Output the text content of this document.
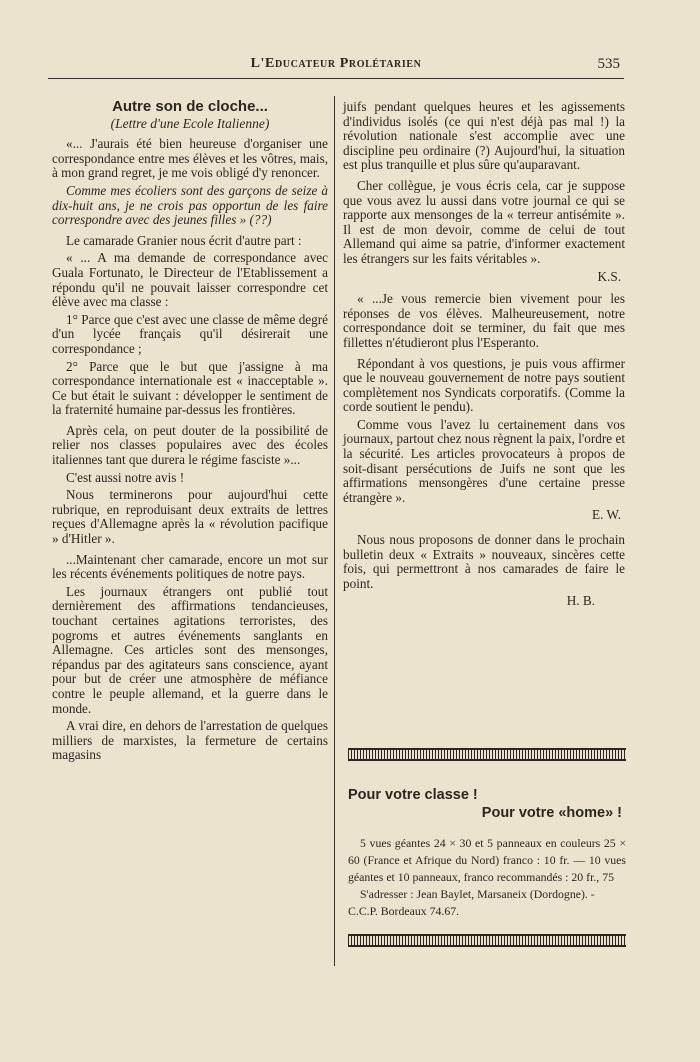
L'Educateur Prolétarien	535
Autre son de cloche...
(Lettre d'une Ecole Italienne)

«... J'aurais été bien heureuse d'organiser une correspondance entre mes élèves et les vôtres, mais, à mon grand regret, je me vois obligé d'y renoncer.

Comme mes écoliers sont des garçons de seize à dix-huit ans, je ne crois pas opportun de les faire correspondre avec des jeunes filles » (??)

Le camarade Granier nous écrit d'autre part :

« ... A ma demande de correspondance avec Guala Fortunato, le Directeur de l'Etablissement a répondu qu'il ne pouvait laisser correspondre cet élève avec ma classe :

1° Parce que c'est avec une classe de même degré d'un lycée français qu'il désirerait une correspondance ;

2° Parce que le but que j'assigne à ma correspondance internationale est « inacceptable ». Ce but était le suivant : développer le sentiment de la fraternité humaine par-dessus les frontières.

Après cela, on peut douter de la possibilité de relier nos classes populaires avec des écoles italiennes tant que durera le régime fasciste »...

C'est aussi notre avis !

Nous terminerons pour aujourd'hui cette rubrique, en reproduisant deux extraits de lettres reçues d'Allemagne après la « révolution pacifique » d'Hitler ».

...Maintenant cher camarade, encore un mot sur les récents événements politiques de notre pays.

Les journaux étrangers ont publié tout dernièrement des affirmations tendancieuses, touchant certaines agitations terroristes, des pogroms et autres événements sanglants en Allemagne. Ces articles sont des mensonges, répandus par des agitateurs sans conscience, ayant pour but de créer une atmosphère de méfiance contre le peuple allemand, et la guerre dans le monde.

A vrai dire, en dehors de l'arrestation de quelques milliers de marxistes, la fermeture de certains magasins

juifs pendant quelques heures et les agissements d'individus isolés (ce qui n'est déjà pas mal !) la révolution nationale s'est accomplie avec une discipline peu ordinaire (?) Aujourd'hui, la situation est plus tranquille et plus sûre qu'auparavant.

Cher collègue, je vous écris cela, car je suppose que vous avez lu aussi dans votre journal ce qui se rapporte aux mensonges de la « terreur antisémite ». Il est de mon devoir, comme de celui de tout Allemand qui aime sa patrie, d'informer exactement les étrangers sur les faits véritables ».

K.S.

« ...Je vous remercie bien vivement pour les réponses de vos élèves. Malheureusement, notre correspondance doit se terminer, du fait que mes fillettes n'étudieront plus l'Esperanto.

Répondant à vos questions, je puis vous affirmer que le nouveau gouvernement de notre pays soutient complètement nos Syndicats corporatifs. (Comme la corde soutient le pendu).

Comme vous l'avez lu certainement dans vos journaux, partout chez nous règnent la paix, l'ordre et la sécurité. Les articles provocateurs à propos de soit-disant persécutions de Juifs ne sont que les affirmations mensongères d'une certaine presse étrangère ».

E. W.

Nous nous proposons de donner dans le prochain bulletin deux « Extraits » nouveaux, sincères cette fois, qui permettront à nos camarades de faire le point.

H. B.

Pour votre classe !
Pour votre «home» !

5 vues géantes 24 × 30 et 5 panneaux en couleurs 25 × 60 (France et Afrique du Nord) franco : 10 fr. — 10 vues géantes et 10 panneaux, franco recommandés : 20 fr., 75

S'adresser : Jean Baylet, Marsaneix (Dordogne). - C.C.P. Bordeaux 74.67.
